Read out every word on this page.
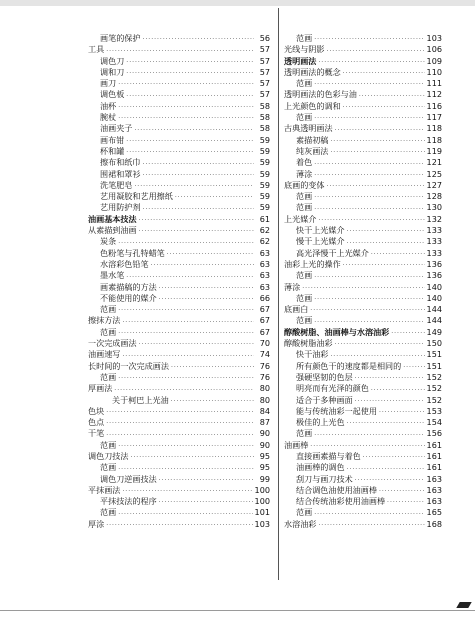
画笔的保护 ·····	56
工具 ·····	57
调色刀 ·····	57
调和刀 ·····	57
画刀 ·····	57
调色板 ·····	57
油杯 ·····	58
腕杖 ·····	58
油画夹子 ·····	58
画布钳 ·····	59
杯和罐 ·····	59
擦布和纸巾 ·····	59
围裙和罩衫 ·····	59
洗笔肥皂 ·····	59
艺用凝胶和艺用擦纸 ·····	59
艺用防护剂 ·····	59
油画基本技法 ·····	61
从素描到油画 ·····	62
炭条 ·····	62
色粉笔与孔特蜡笔 ·····	63
水溶彩色铅笔 ·····	63
墨水笔 ·····	63
画素描稿的方法 ·····	63
不能使用的媒介 ·····	66
范画 ·····	67
擦抹方法 ·····	67
范画 ·····	67
一次完成画法 ·····	70
油画速写 ·····	74
长时间的一次完成画法 ·····	76
范画 ·····	76
厚画法 ·····	80
关于柯巴上光油 ·····	80
色块 ·····	84
色点 ·····	87
干笔 ·····	90
范画 ·····	90
调色刀技法 ·····	95
范画 ·····	95
调色刀逆画技法 ·····	99
平抹画法 ·····	100
平抹技法的程序 ·····	100
范画 ·····	101
厚涂 ·····	103
范画 ·····	103
光线与阴影 ·····	106
透明画法 ·····	109
透明画法的概念 ·····	110
范画 ·····	111
透明画法的色彩与油 ·····	112
上光颜色的调和 ·····	116
范画 ·····	117
古典透明画法 ·····	118
素描初稿 ·····	118
纯灰画法 ·····	119
着色 ·····	121
薄涂 ·····	125
底画的变体 ·····	127
范画 ·····	128
范画 ·····	130
上光媒介 ·····	132
快干上光媒介 ·····	133
慢干上光媒介 ·····	133
高光泽慢干上光媒介 ·····	133
油彩上光的操作 ·····	136
范画 ·····	136
薄涂 ·····	140
范画 ·····	140
底画白 ·····	144
范画 ·····	144
醇酸树脂、油画棒与水溶油彩 ·····	149
醇酸树脂油彩 ·····	150
快干油彩 ·····	151
所有颜色干的速度都是相同的 ·····	151
强硬坚韧的色层 ·····	152
明亮而有光泽的颜色 ·····	152
适合于多种画面 ·····	152
能与传统油彩一起使用 ·····	153
极佳的上光色 ·····	154
范画 ·····	156
油画棒 ·····	161
直接画素描与着色 ·····	161
油画棒的调色 ·····	161
刮刀与画刀技术 ·····	163
结合调色油使用油画棒 ·····	163
结合传统油彩使用油画棒 ·····	163
范画 ·····	165
水溶油彩 ·····	168
